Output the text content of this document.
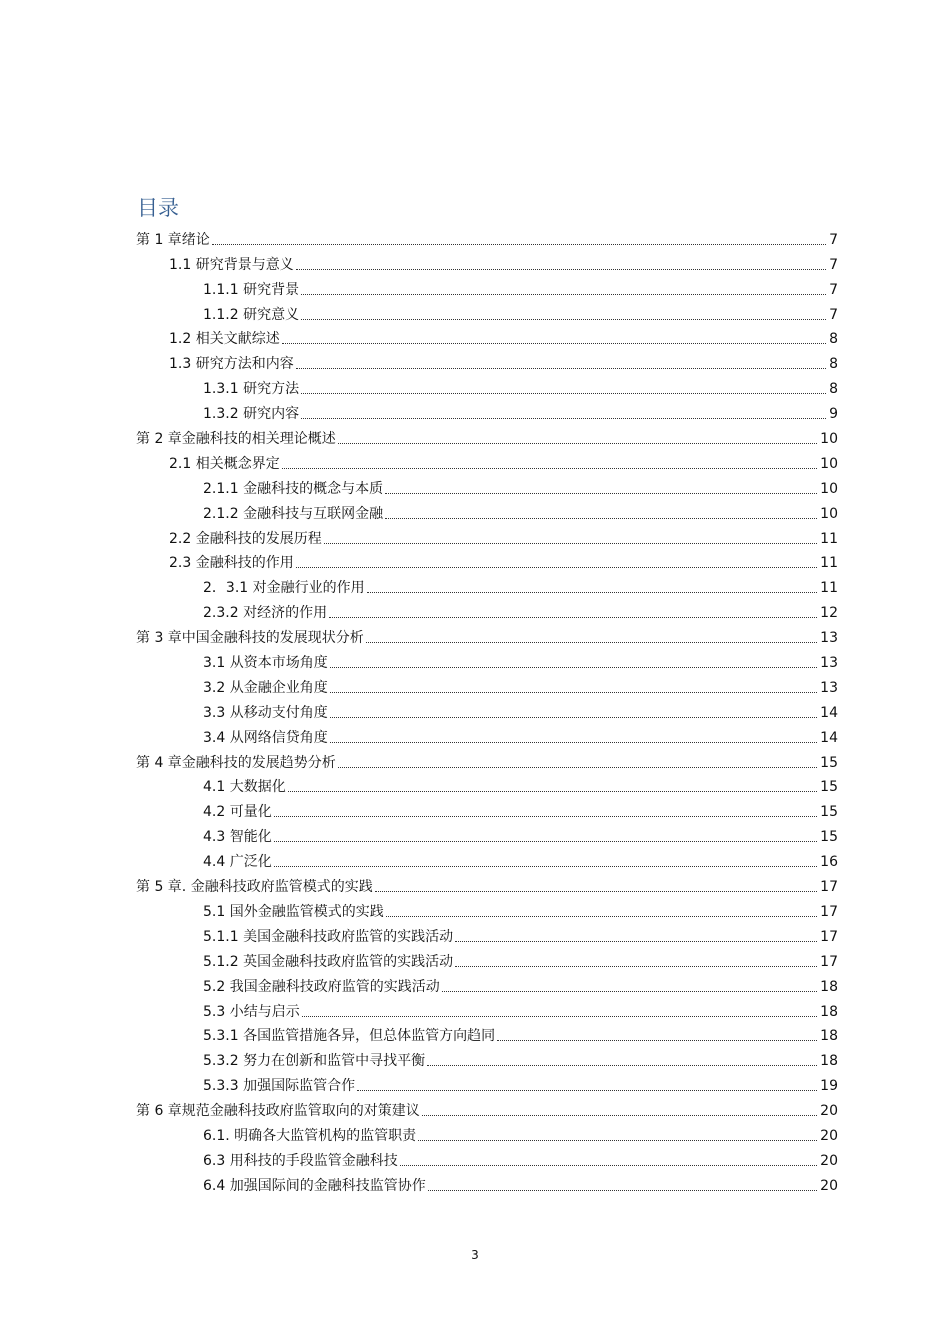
目录
第 1 章绪论	7
1.1 研究背景与意义	7
1.1.1 研究背景	7
1.1.2 研究意义	7
1.2 相关文献综述	8
1.3 研究方法和内容	8
1.3.1 研究方法	8
1.3.2 研究内容	9
第 2 章金融科技的相关理论概述	10
2.1 相关概念界定	10
2.1.1 金融科技的概念与本质	10
2.1.2 金融科技与互联网金融	10
2.2 金融科技的发展历程	11
2.3 金融科技的作用	11
2．3.1 对金融行业的作用	11
2.3.2 对经济的作用	12
第 3 章中国金融科技的发展现状分析	13
3.1 从资本市场角度	13
3.2 从金融企业角度	13
3.3 从移动支付角度	14
3.4 从网络信贷角度	14
第 4 章金融科技的发展趋势分析	15
4.1 大数据化	15
4.2 可量化	15
4.3 智能化	15
4.4 广泛化	16
第 5 章. 金融科技政府监管模式的实践	17
5.1 国外金融监管模式的实践	17
5.1.1 美国金融科技政府监管的实践活动	17
5.1.2 英国金融科技政府监管的实践活动	17
5.2 我国金融科技政府监管的实践活动	18
5.3 小结与启示	18
5.3.1 各国监管措施各异，但总体监管方向趋同	18
5.3.2 努力在创新和监管中寻找平衡	18
5.3.3 加强国际监管合作	19
第 6 章规范金融科技政府监管取向的对策建议	20
6.1. 明确各大监管机构的监管职责	20
6.3 用科技的手段监管金融科技	20
6.4 加强国际间的金融科技监管协作	20
3
